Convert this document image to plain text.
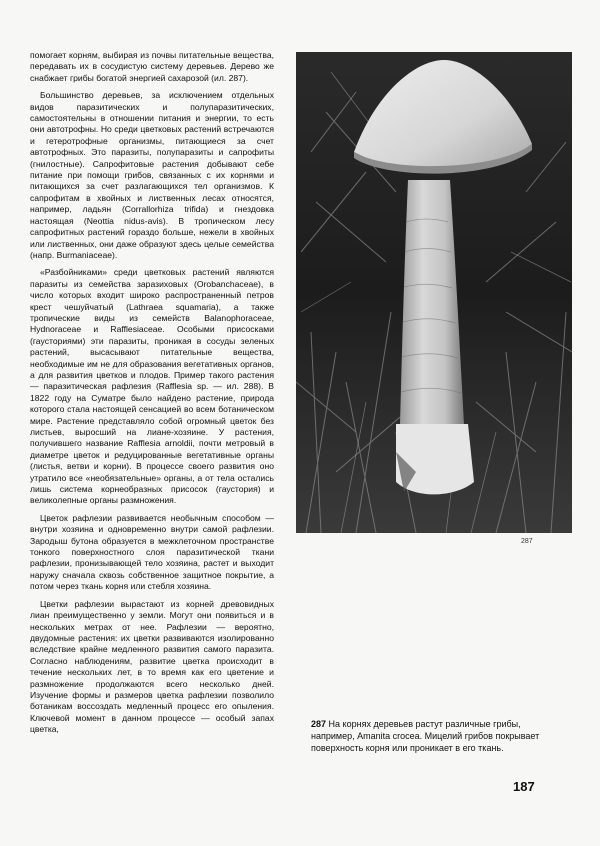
помогает корням, выбирая из почвы питательные вещества, передавать их в сосудистую систему деревьев. Дерево же снабжает грибы богатой энергией сахарозой (ил. 287).

Большинство деревьев, за исключением отдельных видов паразитических и полупаразитических, самостоятельны в отношении питания и энергии, то есть они автотрофны. Но среди цветковых растений встречаются и гетеротрофные организмы, питающиеся за счет автотрофных. Это паразиты, полупаразиты и сапрофиты (гнилостные). Сапрофитовые растения добывают себе питание при помощи грибов, связанных с их корнями и питающихся за счет разлагающихся тел организмов. К сапрофитам в хвойных и лиственных лесах относятся, например, ладьян (Corrallorhiza trifida) и гнездовка настоящая (Neottia nidus-avis). В тропическом лесу сапрофитных растений гораздо больше, нежели в хвойных или лиственных, они даже образуют здесь целые семейства (напр. Burmaniaceae).

«Разбойниками» среди цветковых растений являются паразиты из семейства заразиховых (Orobanchaceae), в число которых входит широко распространенный петров крест чешуйчатый (Lathraea squamaria), а также тропические виды из семейств Balanophoraceae, Hydnoraceae и Rafflesiaceae. Особыми присосками (гаусториями) эти паразиты, проникая в сосуды зеленых растений, высасывают питательные вещества, необходимые им не для образования вегетативных органов, а для развития цветков и плодов. Пример такого растения — паразитическая рафлезия (Rafflesia sp. — ил. 288). В 1822 году на Суматре было найдено растение, природа которого стала настоящей сенсацией во всем ботаническом мире. Растение представляло собой огромный цветок без листьев, выросший на лиане-хозяине. У растения, получившего название Rafflesia arnoldii, почти метровый в диаметре цветок и редуцированные вегетативные органы (листья, ветви и корни). В процессе своего развития оно утратило все «необязательные» органы, а от тела остались лишь система корнеобразных присосок (гаустория) и великолепные органы размножения.

Цветок рафлезии развивается необычным способом — внутри хозяина и одновременно внутри самой рафлезии. Зародыш бутона образуется в межклеточном пространстве тонкого поверхностного слоя паразитической ткани рафлезии, пронизывающей тело хозяина, растет и выходит наружу сначала сквозь собственное защитное покрытие, а потом через ткань корня или стебля хозяина.

Цветки рафлезии вырастают из корней древовидных лиан преимущественно у земли. Могут они появиться и в нескольких метрах от нее. Рафлезии — вероятно, двудомные растения: их цветки развиваются изолированно вследствие крайне медленного развития самого паразита. Согласно наблюдениям, развитие цветка происходит в течение нескольких лет, в то время как его цветение и размножение продолжаются всего несколько дней. Изучение формы и размеров цветка рафлезии позволило ботаникам воссоздать медленный процесс его опыления. Ключевой момент в данном процессе — особый запах цветка,

287
287 На корнях деревьев растут различные грибы, например, Amanita crocea. Мицелий грибов покрывает поверхность корня или проникает в его ткань.
187
